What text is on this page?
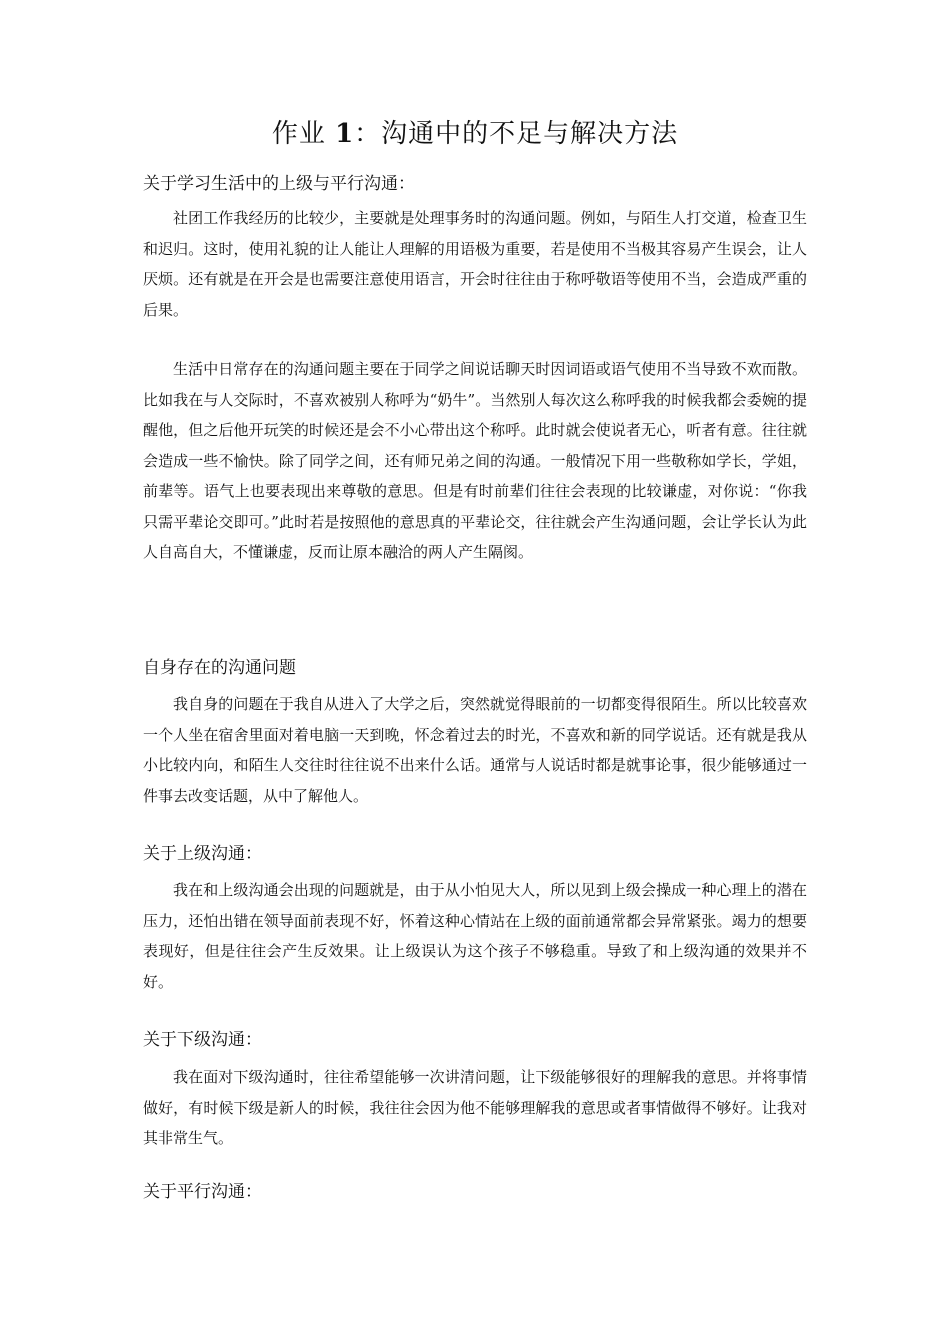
作业 1：沟通中的不足与解决方法
关于学习生活中的上级与平行沟通：

社团工作我经历的比较少，主要就是处理事务时的沟通问题。例如，与陌生人打交道，检查卫生和迟归。这时，使用礼貌的让人能让人理解的用语极为重要，若是使用不当极其容易产生误会，让人厌烦。还有就是在开会是也需要注意使用语言，开会时往往由于称呼敬语等使用不当，会造成严重的后果。

生活中日常存在的沟通问题主要在于同学之间说话聊天时因词语或语气使用不当导致不欢而散。比如我在与人交际时，不喜欢被别人称呼为“奶牛”。当然别人每次这么称呼我的时候我都会委婉的提醒他，但之后他开玩笑的时候还是会不小心带出这个称呼。此时就会使说者无心，听者有意。往往就会造成一些不愉快。除了同学之间，还有师兄弟之间的沟通。一般情况下用一些敬称如学长，学姐，前辈等。语气上也要表现出来尊敬的意思。但是有时前辈们往往会表现的比较谦虚，对你说：“你我只需平辈论交即可。”此时若是按照他的意思真的平辈论交，往往就会产生沟通问题，会让学长认为此人自高自大，不懂谦虚，反而让原本融洽的两人产生隔阂。

自身存在的沟通问题

我自身的问题在于我自从进入了大学之后，突然就觉得眼前的一切都变得很陌生。所以比较喜欢一个人坐在宿舍里面对着电脑一天到晚，怀念着过去的时光，不喜欢和新的同学说话。还有就是我从小比较内向，和陌生人交往时往往说不出来什么话。通常与人说话时都是就事论事，很少能够通过一件事去改变话题，从中了解他人。

关于上级沟通：

我在和上级沟通会出现的问题就是，由于从小怕见大人，所以见到上级会操成一种心理上的潜在压力，还怕出错在领导面前表现不好，怀着这种心情站在上级的面前通常都会异常紧张。竭力的想要表现好，但是往往会产生反效果。让上级误认为这个孩子不够稳重。导致了和上级沟通的效果并不好。

关于下级沟通：

我在面对下级沟通时，往往希望能够一次讲清问题，让下级能够很好的理解我的意思。并将事情做好，有时候下级是新人的时候，我往往会因为他不能够理解我的意思或者事情做得不够好。让我对其非常生气。

关于平行沟通：
